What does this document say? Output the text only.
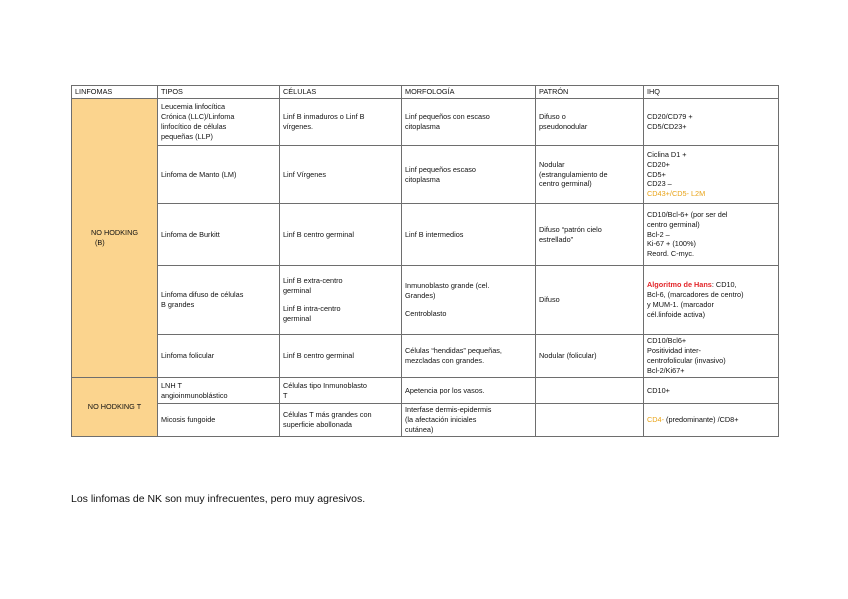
LINFOMAS	TIPOS	CÉLULAS	MORFOLOGÍA	PATRÓN	IHQ

NO HODKING
(B)	Leucemia linfocítica
Crónica (LLC)/Linfoma
linfocítico de células
pequeñas (LLP)	Linf B inmaduros o Linf B
vírgenes.	Linf pequeños con escaso
citoplasma	Difuso o
pseudonodular	CD20/CD79 +
CD5/CD23+

	Linfoma de Manto (LM)	Linf Vírgenes	Linf pequeños escaso
citoplasma	Nodular
(estrangulamiento de
centro germinal)	Ciclina D1 +
CD20+
CD5+
CD23 –
CD43+/CD5- L2M

	Linfoma de Burkitt	Linf B centro germinal	Linf B intermedios	Difuso “patrón cielo
estrellado”	CD10/Bcl-6+ (por ser del
centro germinal)
Bcl-2 –
Ki-67 + (100%)
Reord. C-myc.

	Linfoma difuso de células
B grandes	Linf B extra-centro
germinal
Linf B intra-centro
germinal	Inmunoblasto grande (cel.
Grandes)
Centroblasto	Difuso	Algoritmo de Hans: CD10,
Bcl-6, (marcadores de centro)
y MUM-1. (marcador
cél.linfoide activa)

	Linfoma folicular	Linf B centro germinal	Células “hendidas” pequeñas,
mezcladas con grandes.	Nodular (folicular)	CD10/Bcl6+
Positividad inter-
centrofolicular (invasivo)
Bcl-2/Ki67+

NO HODKING T	LNH T
angioinmunoblástico	Células tipo Inmunoblasto
T	Apetencia por los vasos.		CD10+

	Micosis fungoide	Células T más grandes con
superficie abollonada	Interfase dermis-epidermis
(la afectación iniciales
cutánea)		CD4- (predominante) /CD8+
Los linfomas de NK son muy infrecuentes, pero muy agresivos.
